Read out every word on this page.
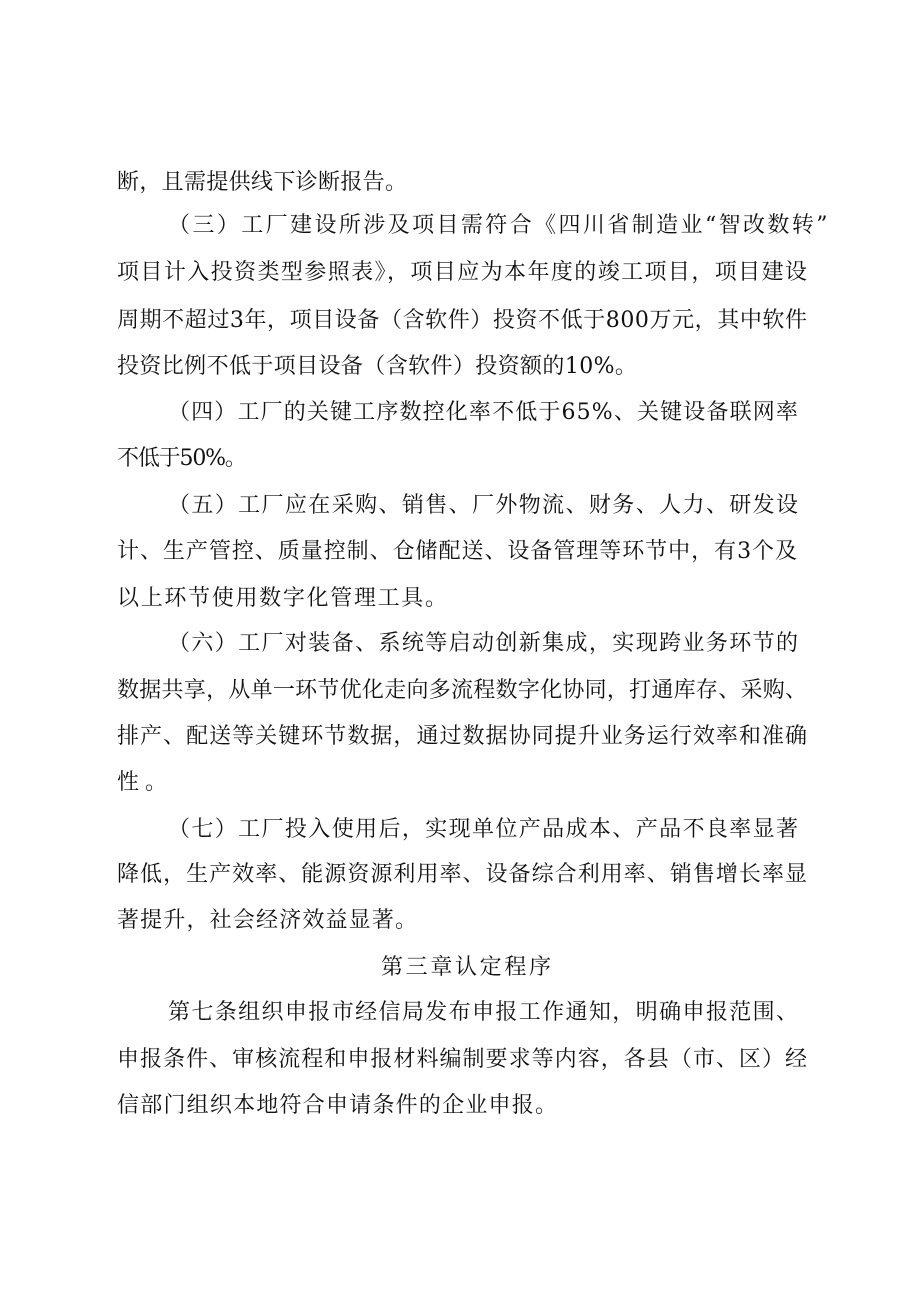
断，且需提供线下诊断报告。
（三）工厂建设所涉及项目需符合《四川省制造业“智改数转”
项目计入投资类型参照表》，项目应为本年度的竣工项目，项目建设
周期不超过3年，项目设备（含软件）投资不低于800万元，其中软件
投资比例不低于项目设备（含软件）投资额的10%。
（四）工厂的关键工序数控化率不低于65%、关键设备联网率
不低于50%。
（五）工厂应在采购、销售、厂外物流、财务、人力、研发设
计、生产管控、质量控制、仓储配送、设备管理等环节中，有3个及
以上环节使用数字化管理工具。
（六）工厂对装备、系统等启动创新集成，实现跨业务环节的
数据共享，从单一环节优化走向多流程数字化协同，打通库存、采购、
排产、配送等关键环节数据，通过数据协同提升业务运行效率和准确
性。
（七）工厂投入使用后，实现单位产品成本、产品不良率显著
降低，生产效率、能源资源利用率、设备综合利用率、销售增长率显
著提升，社会经济效益显著。
第三章认定程序
第七条组织申报市经信局发布申报工作通知，明确申报范围、
申报条件、审核流程和申报材料编制要求等内容，各县（市、区）经
信部门组织本地符合申请条件的企业申报。
